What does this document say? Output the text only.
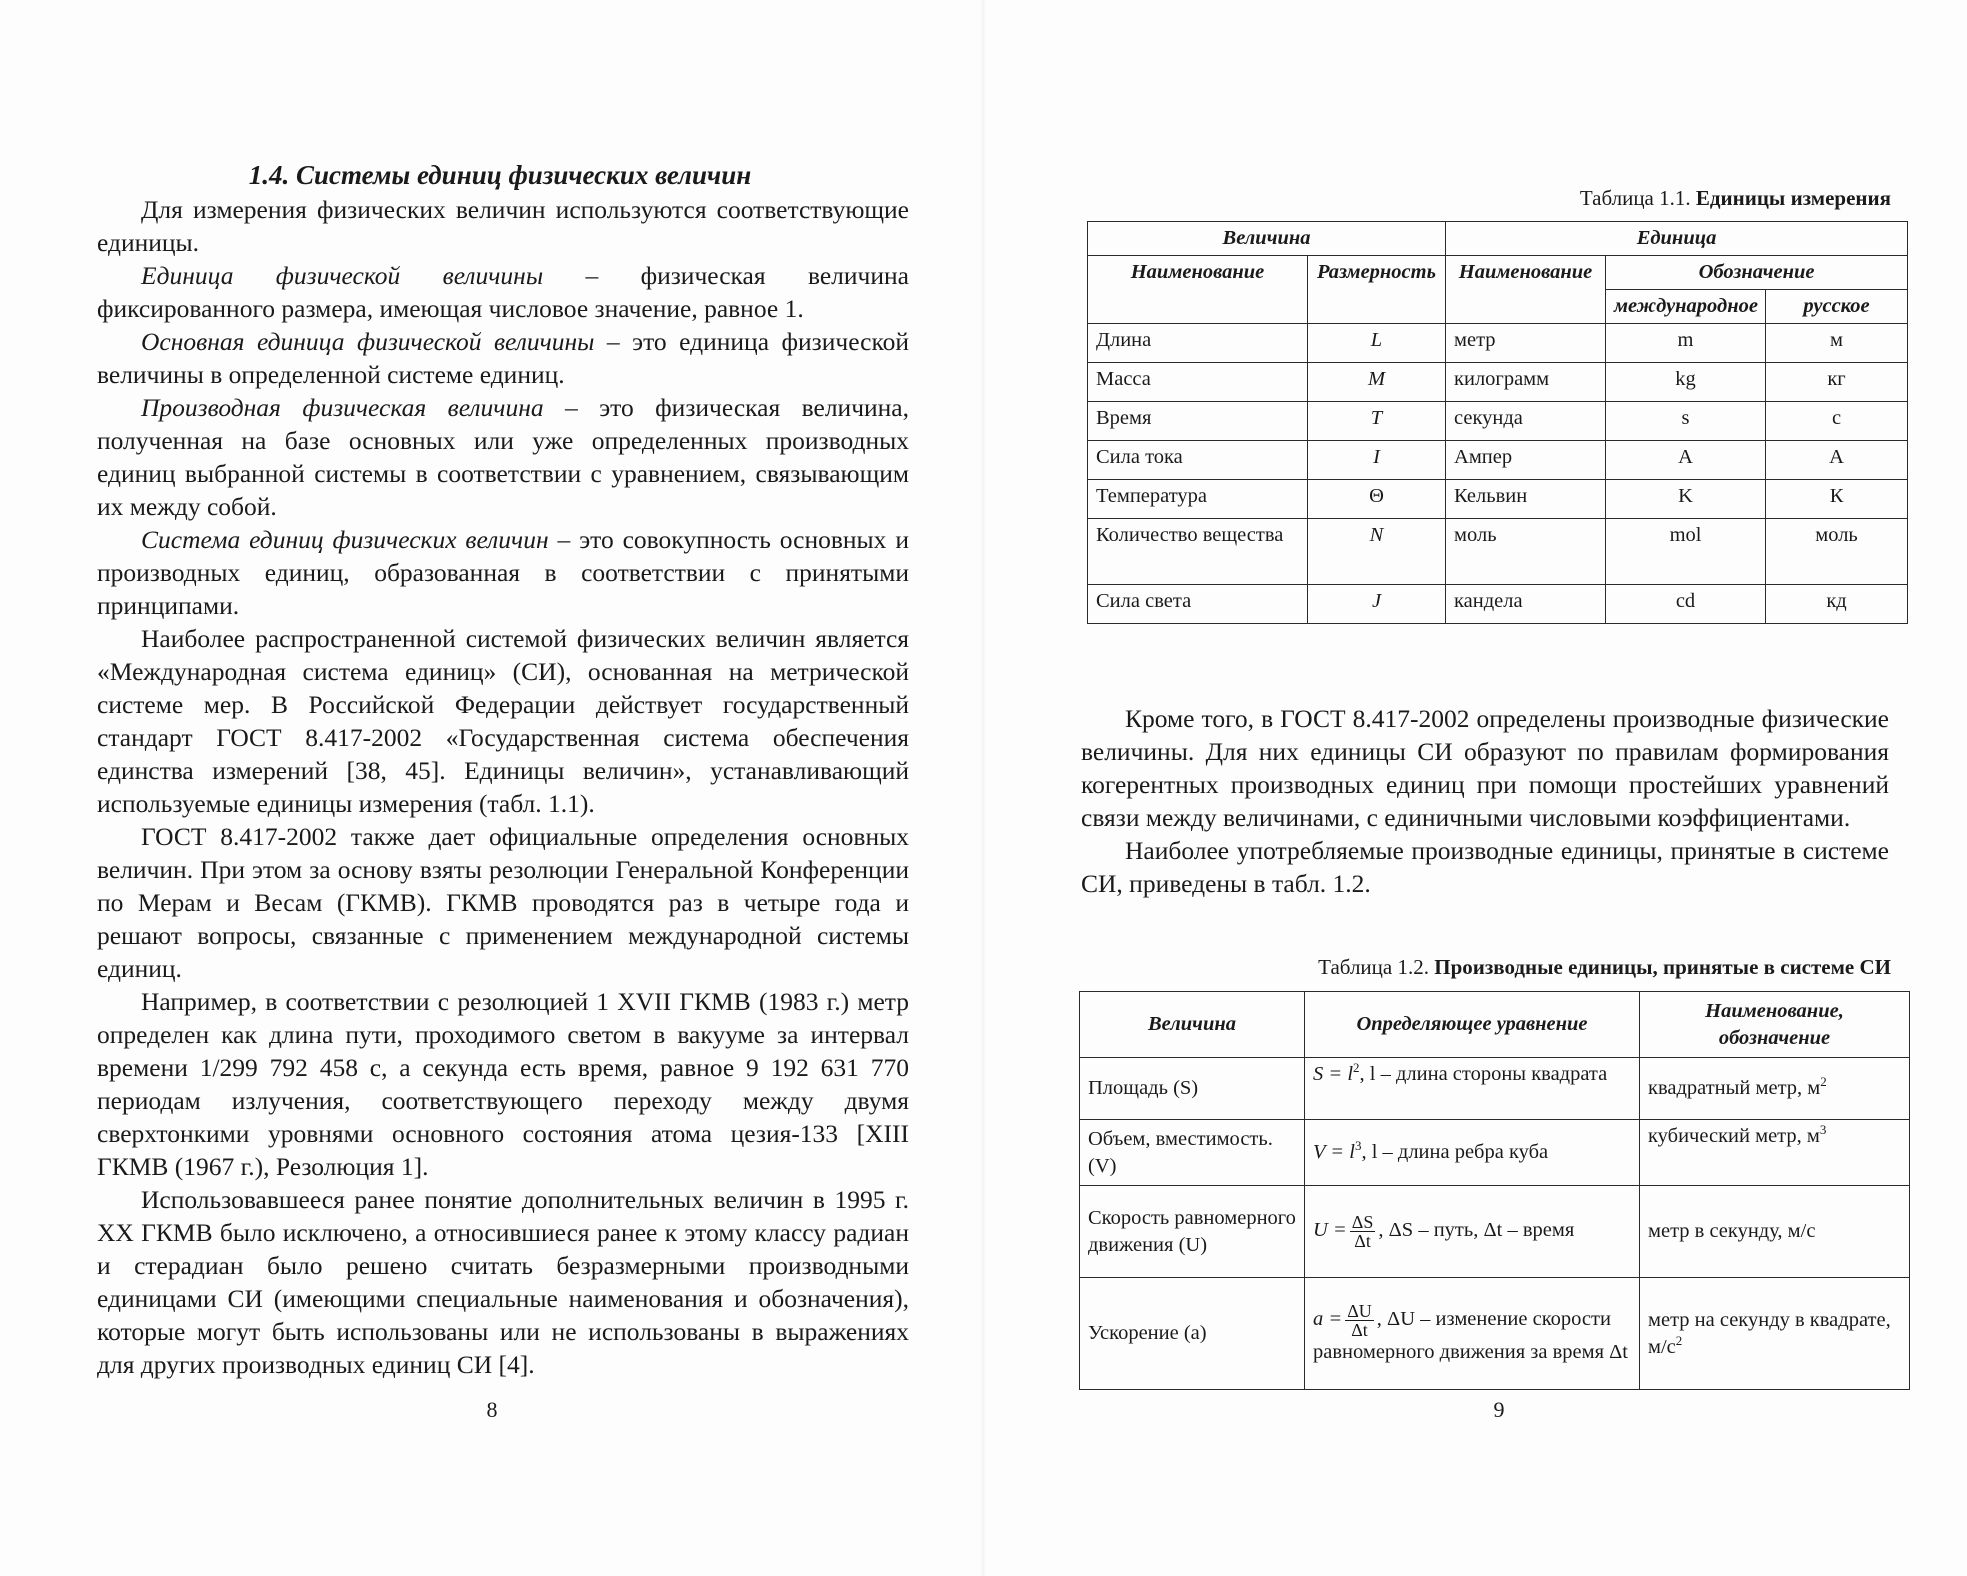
1.4. Системы единиц физических величин

Для измерения физических величин используются соответствующие единицы.

Единица физической величины – физическая величина фиксированного размера, имеющая числовое значение, равное 1.

Основная единица физической величины – это единица физической величины в определенной системе единиц.

Производная физическая величина – это физическая величина, полученная на базе основных или уже определенных производных единиц выбранной системы в соответствии с уравнением, связывающим их между собой.

Система единиц физических величин – это совокупность основных и производных единиц, образованная в соответствии с принятыми принципами.

Наиболее распространенной системой физических величин является «Международная система единиц» (СИ), основанная на метрической системе мер. В Российской Федерации действует государственный стандарт ГОСТ 8.417-2002 «Государственная система обеспечения единства измерений [38, 45]. Единицы величин», устанавливающий используемые единицы измерения (табл. 1.1).

ГОСТ 8.417-2002 также дает официальные определения основных величин. При этом за основу взяты резолюции Генеральной Конференции по Мерам и Весам (ГКМВ). ГКМВ проводятся раз в четыре года и решают вопросы, связанные с применением международной системы единиц.

Например, в соответствии с резолюцией 1 XVII ГКМВ (1983 г.) метр определен как длина пути, проходимого светом в вакууме за интервал времени 1/299 792 458 с, а секунда есть время, равное 9 192 631 770 периодам излучения, соответствующего переходу между двумя сверхтонкими уровнями основного состояния атома цезия-133 [XIII ГКМВ (1967 г.), Резолюция 1].

Использовавшееся ранее понятие дополнительных величин в 1995 г. XX ГКМВ было исключено, а относившиеся ранее к этому классу радиан и стерадиан было решено считать безразмерными производными единицами СИ (имеющими специальные наименования и обозначения), которые могут быть использованы или не использованы в выражениях для других производных единиц СИ [4].

8
Таблица 1.1. Единицы измерения
Величина		Единица		
Наименование	Размерность	Наименование	Обозначение	
			международное	русское
Длина	L	метр	m	м
Масса	M	килограмм	kg	кг
Время	T	секунда	s	с
Сила тока	I	Ампер	A	А
Температура	Θ	Кельвин	K	К
Количество вещества	N	моль	mol	моль
Сила света	J	кандела	cd	кд

Кроме того, в ГОСТ 8.417-2002 определены производные физические величины. Для них единицы СИ образуют по правилам формирования когерентных производных единиц при помощи простейших уравнений связи между величинами, с единичными числовыми коэффициентами.

Наиболее употребляемые производные единицы, принятые в системе СИ, приведены в табл. 1.2.

Таблица 1.2. Производные единицы, принятые в системе СИ
Величина	Определяющее уравнение	Наименование, обозначение
Площадь (S)	$S = l^2$, l – длина стороны квадрата	квадратный метр, $м^2$
Объем, вместимость. (V)	$V = l^3$, l – длина ребра куба	кубический метр, $м^3$
Скорость равномерного движения (U)	$U = \frac{\Delta S}{\Delta t}$ , ΔS – путь, Δt – время	метр в секунду, м/с
Ускорение (a)	$a = \frac{\Delta U}{\Delta t}$ , ΔU – изменение скорости равномерного движения за время Δt	метр на секунду в квадрате, $м/с^2$
9
